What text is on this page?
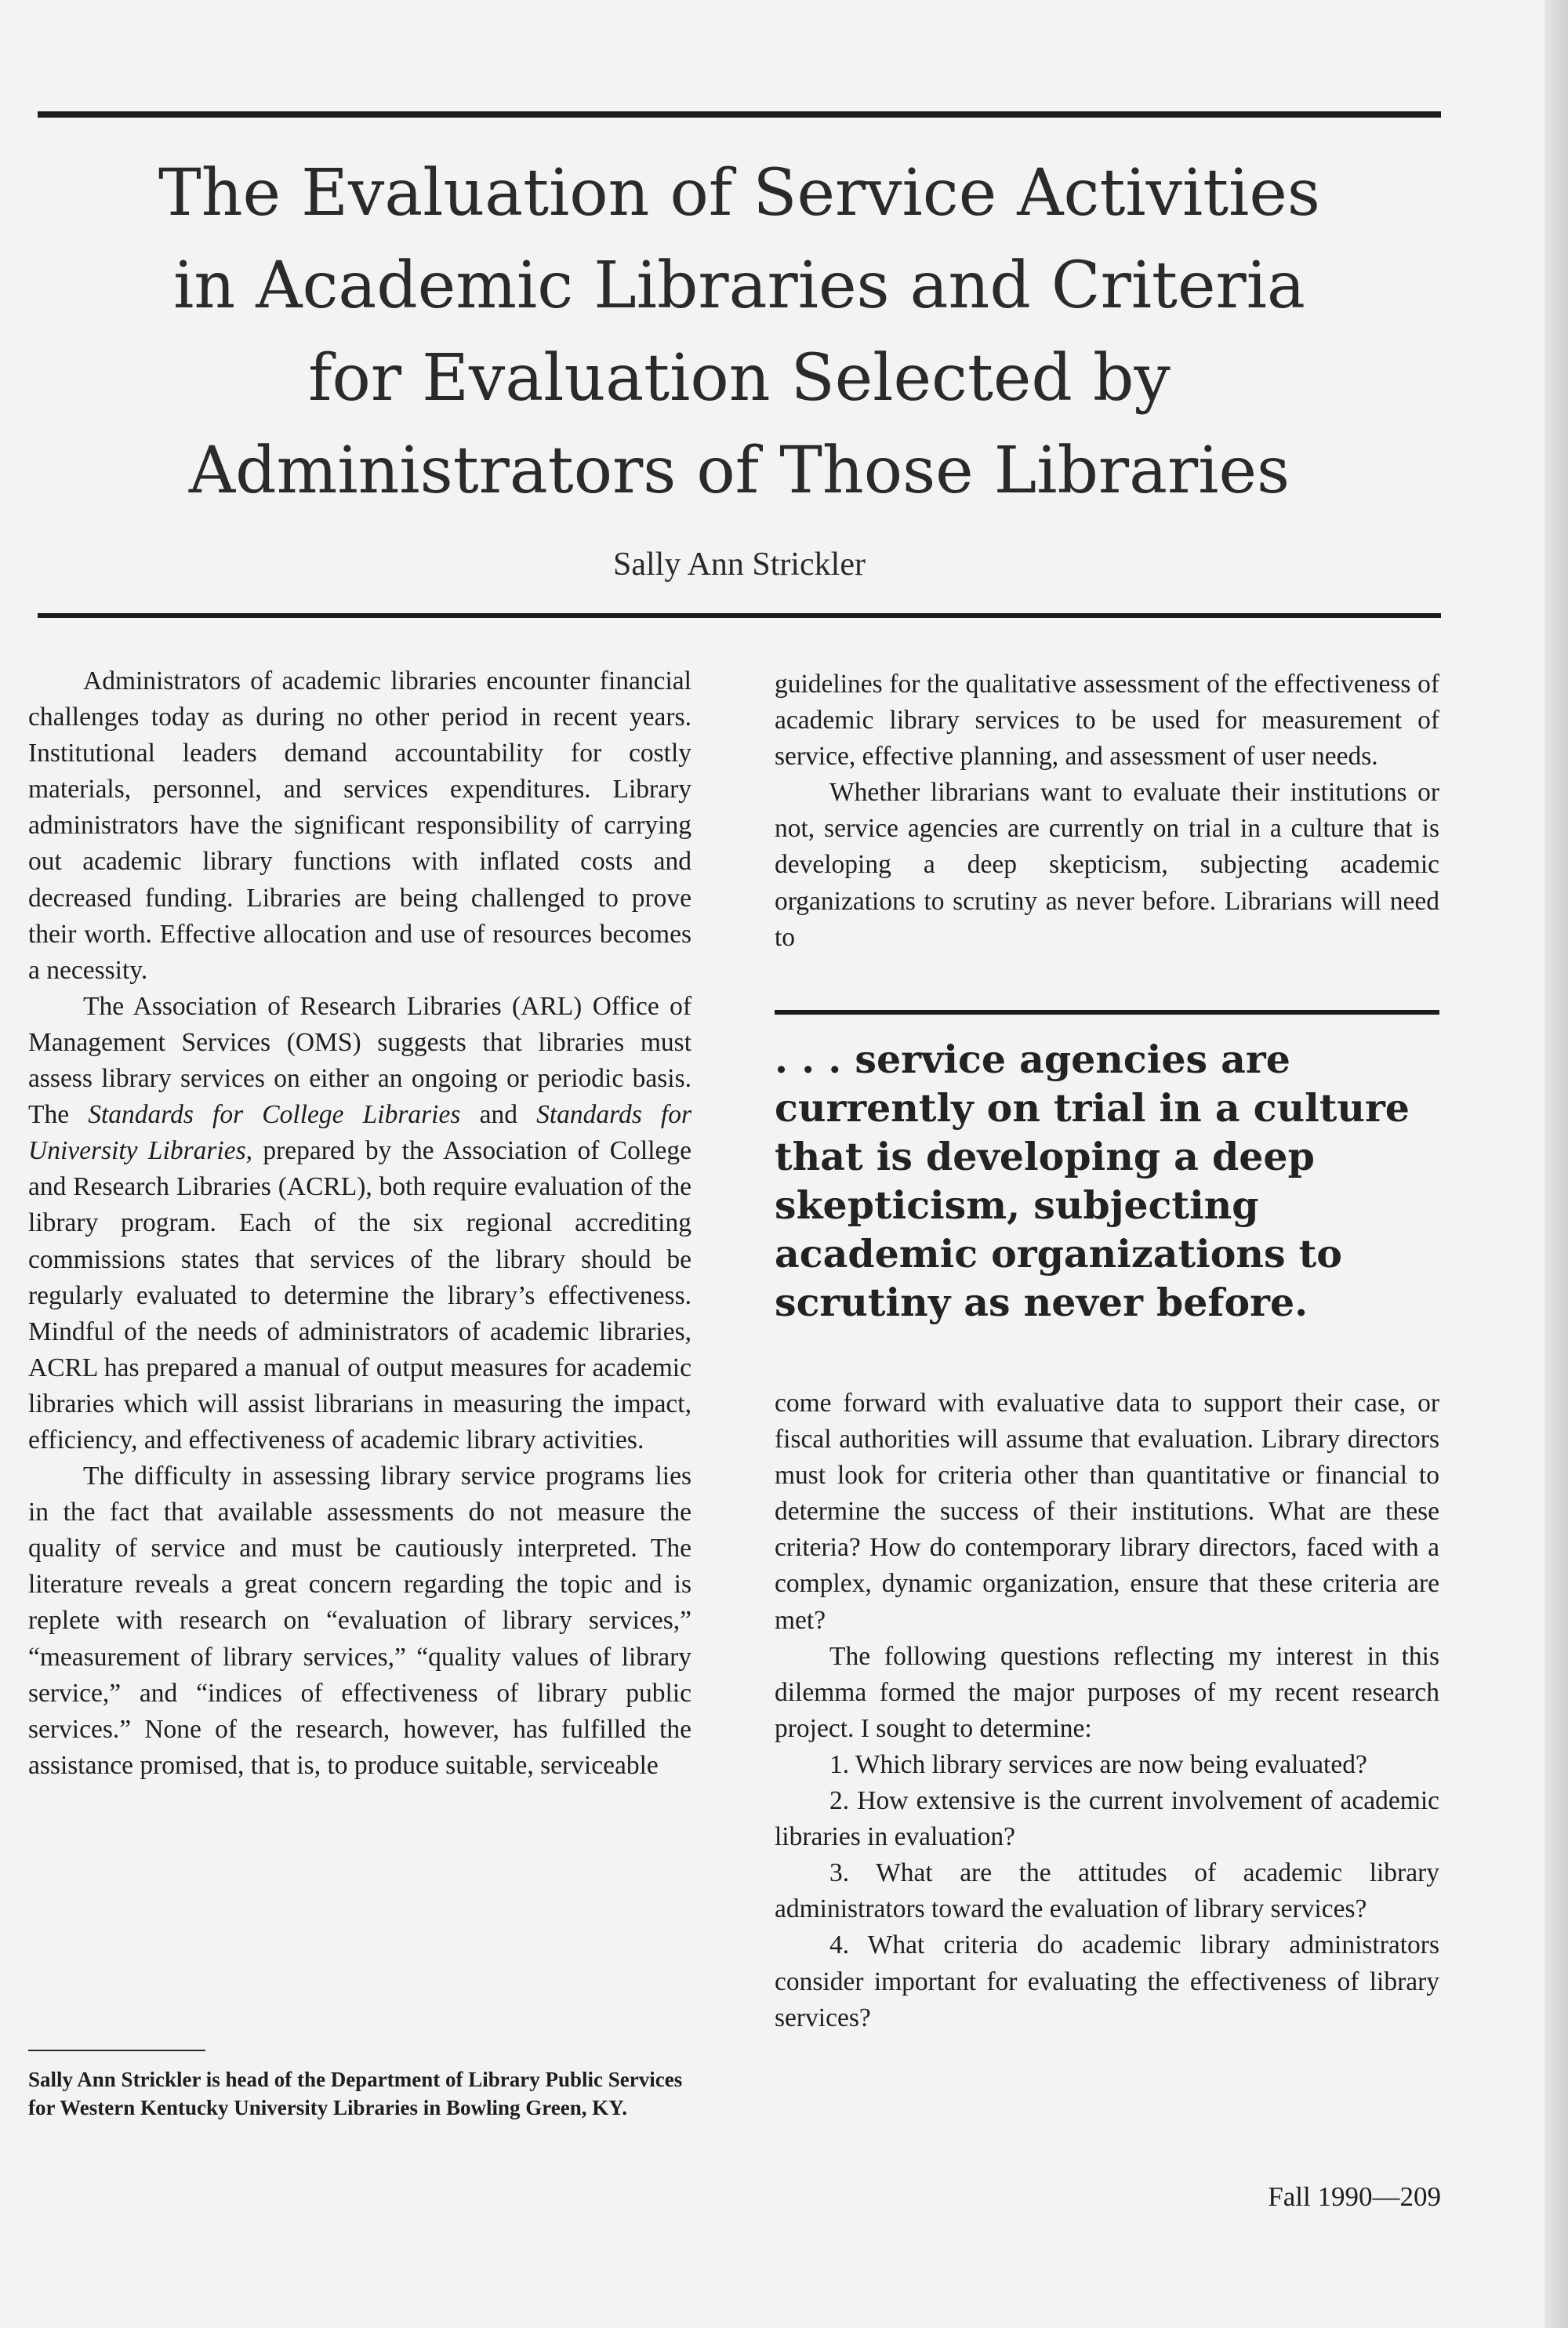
The Evaluation of Service Activities
in Academic Libraries and Criteria
for Evaluation Selected by
Administrators of Those Libraries
Sally Ann Strickler

Administrators of academic libraries encounter financial challenges today as during no other period in recent years. Institutional leaders demand accountability for costly materials, personnel, and services expenditures. Library administrators have the significant responsibility of carrying out academic library functions with inflated costs and decreased funding. Libraries are being challenged to prove their worth. Effective allocation and use of resources becomes a necessity.

The Association of Research Libraries (ARL) Office of Management Services (OMS) suggests that libraries must assess library services on either an ongoing or periodic basis. The Standards for College Libraries and Standards for University Libraries, prepared by the Association of College and Research Libraries (ACRL), both require evaluation of the library program. Each of the six regional accrediting commissions states that services of the library should be regularly evaluated to determine the library’s effectiveness. Mindful of the needs of administrators of academic libraries, ACRL has prepared a manual of output measures for academic libraries which will assist librarians in measuring the impact, efficiency, and effectiveness of academic library activities.

The difficulty in assessing library service programs lies in the fact that available assessments do not measure the quality of service and must be cautiously interpreted. The literature reveals a great concern regarding the topic and is replete with research on “evaluation of library services,” “measurement of library services,” “quality values of library service,” and “indices of effectiveness of library public services.” None of the research, however, has fulfilled the assistance promised, that is, to produce suitable, serviceable

Sally Ann Strickler is head of the Department of Library Public Services for Western Kentucky University Libraries in Bowling Green, KY.

guidelines for the qualitative assessment of the effectiveness of academic library services to be used for measurement of service, effective planning, and assessment of user needs.

Whether librarians want to evaluate their institutions or not, service agencies are currently on trial in a culture that is developing a deep skepticism, subjecting academic organizations to scrutiny as never before. Librarians will need to

. . . service agencies are currently on trial in a culture that is developing a deep skepticism, subjecting academic organizations to scrutiny as never before.

come forward with evaluative data to support their case, or fiscal authorities will assume that evaluation. Library directors must look for criteria other than quantitative or financial to determine the success of their institutions. What are these criteria? How do contemporary library directors, faced with a complex, dynamic organization, ensure that these criteria are met?

The following questions reflecting my interest in this dilemma formed the major purposes of my recent research project. I sought to determine:

1. Which library services are now being evaluated?

2. How extensive is the current involvement of academic libraries in evaluation?

3. What are the attitudes of academic library administrators toward the evaluation of library services?

4. What criteria do academic library administrators consider important for evaluating the effectiveness of library services?

Fall 1990—209
